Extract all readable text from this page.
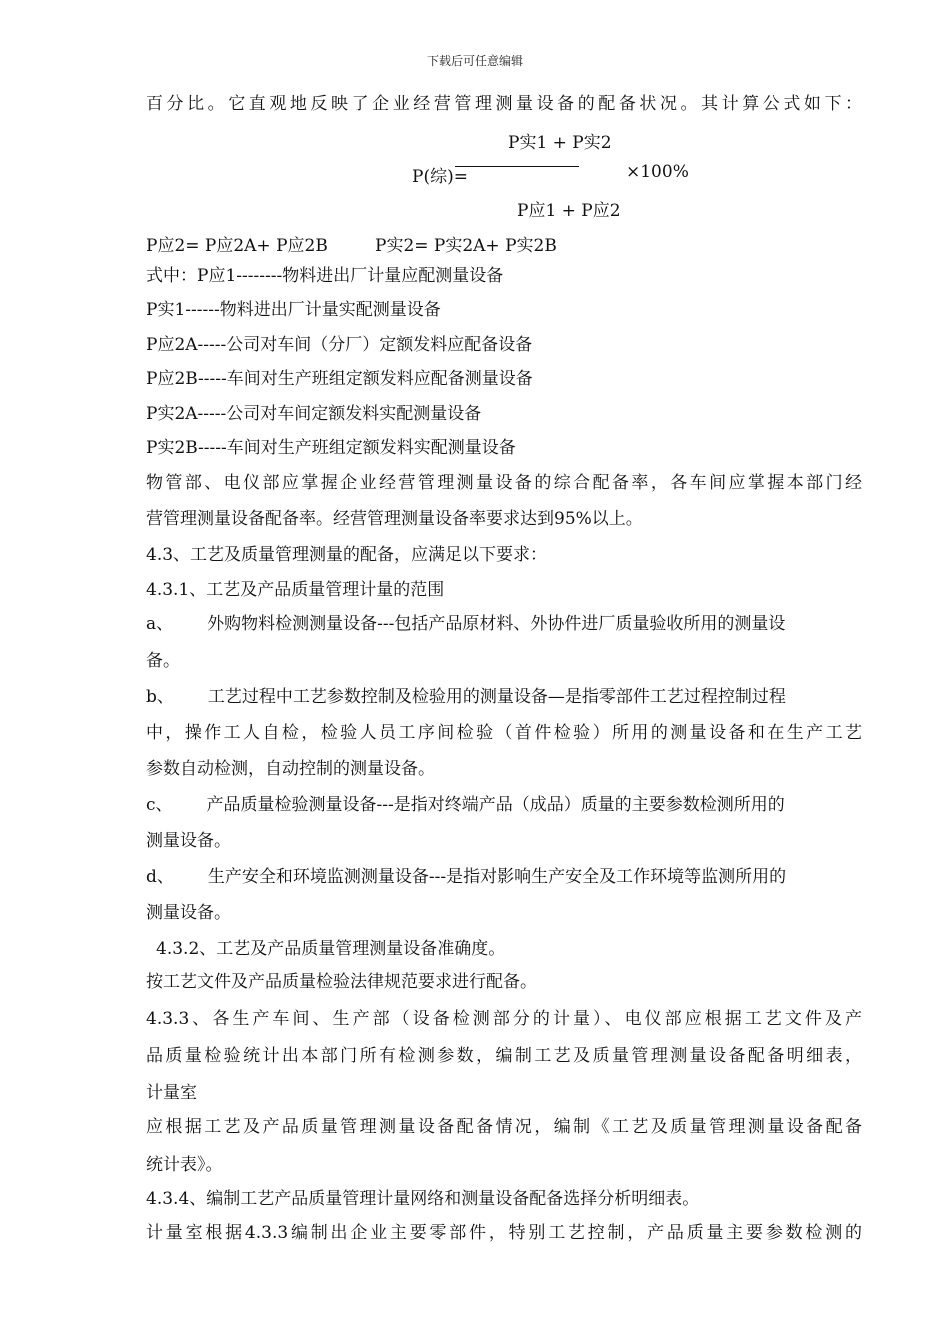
下载后可任意编辑
百分比。它直观地反映了企业经营管理测量设备的配备状况。其计算公式如下：
P实1 + P实2
P(综)=	×100%
P应1 + P应2
P应2= P应2A+ P应2B	P实2= P实2A+ P实2B
式中：P应1--------物料进出厂计量应配测量设备
P实1------物料进出厂计量实配测量设备
P应2A-----公司对车间（分厂）定额发料应配备设备
P应2B-----车间对生产班组定额发料应配备测量设备
P实2A-----公司对车间定额发料实配测量设备
P实2B-----车间对生产班组定额发料实配测量设备
物管部、电仪部应掌握企业经营管理测量设备的综合配备率，各车间应掌握本部门经
营管理测量设备配备率。经营管理测量设备率要求达到95%以上。
4.3、工艺及质量管理测量的配备，应满足以下要求：
4.3.1、工艺及产品质量管理计量的范围
a、 外购物料检测测量设备---包括产品原材料、外协件进厂质量验收所用的测量设
备。
b、 工艺过程中工艺参数控制及检验用的测量设备—是指零部件工艺过程控制过程
中，操作工人自检，检验人员工序间检验（首件检验）所用的测量设备和在生产工艺
参数自动检测，自动控制的测量设备。
c、 产品质量检验测量设备---是指对终端产品（成品）质量的主要参数检测所用的
测量设备。
d、 生产安全和环境监测测量设备---是指对影响生产安全及工作环境等监测所用的
测量设备。
4.3.2、工艺及产品质量管理测量设备准确度。
按工艺文件及产品质量检验法律规范要求进行配备。
4.3.3、各生产车间、生产部（设备检测部分的计量）、电仪部应根据工艺文件及产
品质量检验统计出本部门所有检测参数，编制工艺及质量管理测量设备配备明细表，
计量室
应根据工艺及产品质量管理测量设备配备情况，编制《工艺及质量管理测量设备配备
统计表》。
4.3.4、编制工艺产品质量管理计量网络和测量设备配备选择分析明细表。
计量室根据4.3.3编制出企业主要零部件，特别工艺控制，产品质量主要参数检测的
